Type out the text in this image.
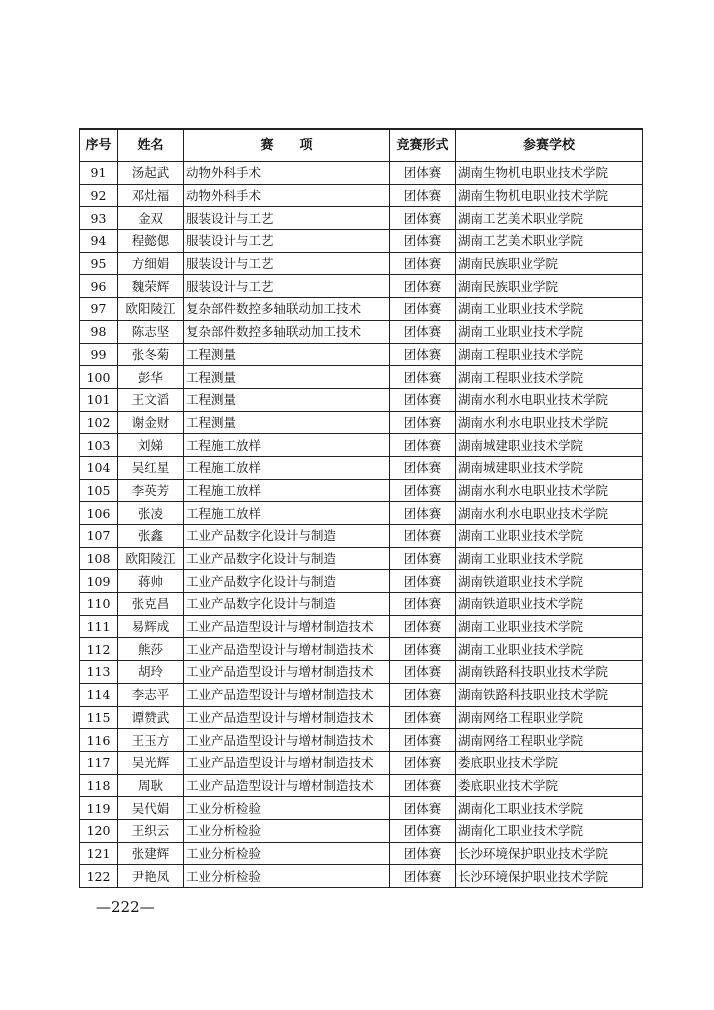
序号	姓名	赛　　项	竞赛形式	参赛学校
91	汤起武	动物外科手术	团体赛	湖南生物机电职业技术学院
92	邓灶福	动物外科手术	团体赛	湖南生物机电职业技术学院
93	金双	服装设计与工艺	团体赛	湖南工艺美术职业学院
94	程懿偲	服装设计与工艺	团体赛	湖南工艺美术职业学院
95	方细娟	服装设计与工艺	团体赛	湖南民族职业学院
96	魏荣辉	服装设计与工艺	团体赛	湖南民族职业学院
97	欧阳陵江	复杂部件数控多轴联动加工技术	团体赛	湖南工业职业技术学院
98	陈志坚	复杂部件数控多轴联动加工技术	团体赛	湖南工业职业技术学院
99	张冬菊	工程测量	团体赛	湖南工程职业技术学院
100	彭华	工程测量	团体赛	湖南工程职业技术学院
101	王文滔	工程测量	团体赛	湖南水利水电职业技术学院
102	谢金财	工程测量	团体赛	湖南水利水电职业技术学院
103	刘娣	工程施工放样	团体赛	湖南城建职业技术学院
104	吴红星	工程施工放样	团体赛	湖南城建职业技术学院
105	李英芳	工程施工放样	团体赛	湖南水利水电职业技术学院
106	张凌	工程施工放样	团体赛	湖南水利水电职业技术学院
107	张鑫	工业产品数字化设计与制造	团体赛	湖南工业职业技术学院
108	欧阳陵江	工业产品数字化设计与制造	团体赛	湖南工业职业技术学院
109	蒋帅	工业产品数字化设计与制造	团体赛	湖南铁道职业技术学院
110	张克昌	工业产品数字化设计与制造	团体赛	湖南铁道职业技术学院
111	易辉成	工业产品造型设计与增材制造技术	团体赛	湖南工业职业技术学院
112	熊莎	工业产品造型设计与增材制造技术	团体赛	湖南工业职业技术学院
113	胡玲	工业产品造型设计与增材制造技术	团体赛	湖南铁路科技职业技术学院
114	李志平	工业产品造型设计与增材制造技术	团体赛	湖南铁路科技职业技术学院
115	谭赞武	工业产品造型设计与增材制造技术	团体赛	湖南网络工程职业学院
116	王玉方	工业产品造型设计与增材制造技术	团体赛	湖南网络工程职业学院
117	吴光辉	工业产品造型设计与增材制造技术	团体赛	娄底职业技术学院
118	周耿	工业产品造型设计与增材制造技术	团体赛	娄底职业技术学院
119	吴代娟	工业分析检验	团体赛	湖南化工职业技术学院
120	王织云	工业分析检验	团体赛	湖南化工职业技术学院
121	张建辉	工业分析检验	团体赛	长沙环境保护职业技术学院
122	尹艳凤	工业分析检验	团体赛	长沙环境保护职业技术学院
—222—
